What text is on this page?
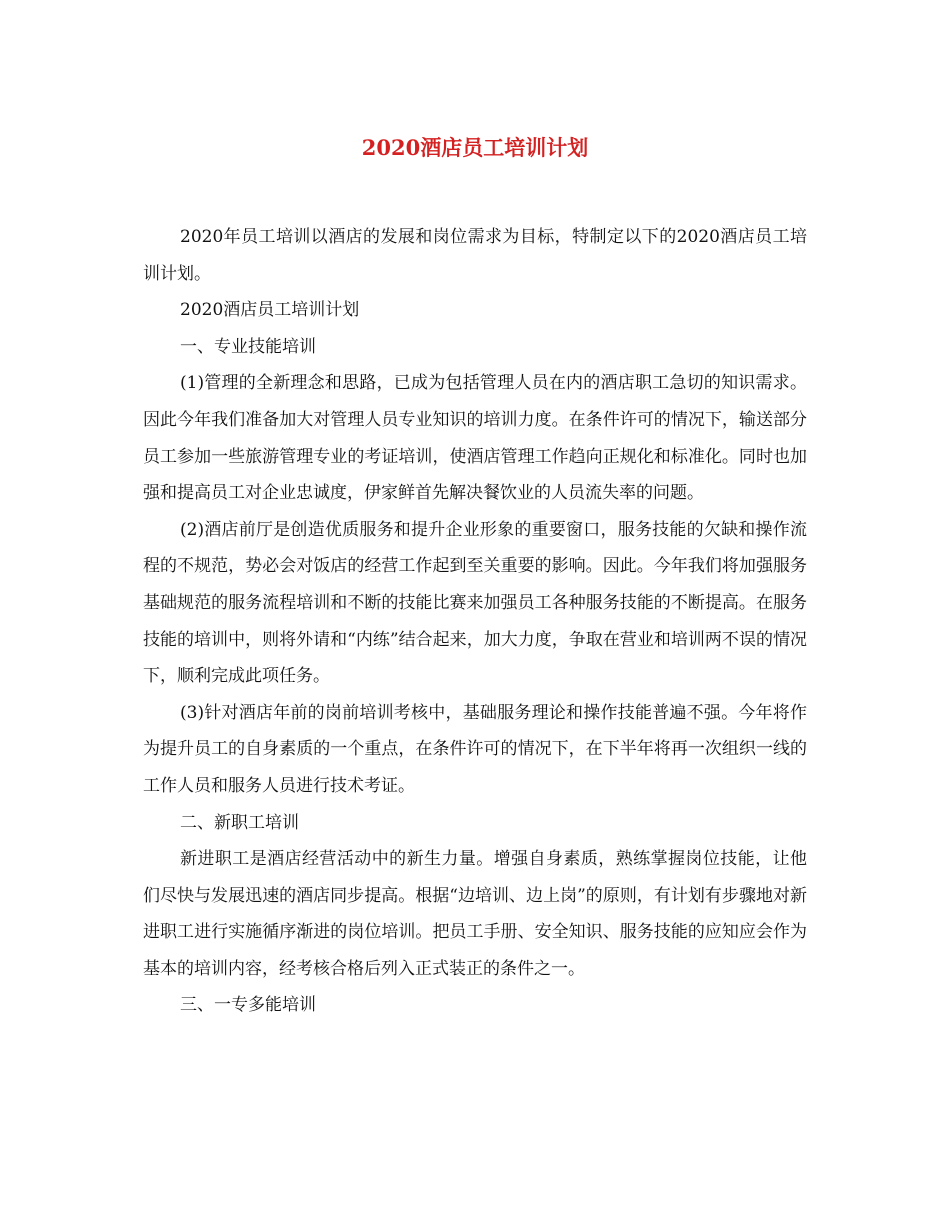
2020酒店员工培训计划

2020年员工培训以酒店的发展和岗位需求为目标，特制定以下的2020酒店员工培训计划。

2020酒店员工培训计划

一、专业技能培训

(1)管理的全新理念和思路，已成为包括管理人员在内的酒店职工急切的知识需求。因此今年我们准备加大对管理人员专业知识的培训力度。在条件许可的情况下，输送部分员工参加一些旅游管理专业的考证培训，使酒店管理工作趋向正规化和标准化。同时也加强和提高员工对企业忠诚度，伊家鲜首先解决餐饮业的人员流失率的问题。

(2)酒店前厅是创造优质服务和提升企业形象的重要窗口，服务技能的欠缺和操作流程的不规范，势必会对饭店的经营工作起到至关重要的影响。因此。今年我们将加强服务基础规范的服务流程培训和不断的技能比赛来加强员工各种服务技能的不断提高。在服务技能的培训中，则将外请和“内练”结合起来，加大力度，争取在营业和培训两不误的情况下，顺利完成此项任务。

(3)针对酒店年前的岗前培训考核中，基础服务理论和操作技能普遍不强。今年将作为提升员工的自身素质的一个重点，在条件许可的情况下，在下半年将再一次组织一线的工作人员和服务人员进行技术考证。

二、新职工培训

新进职工是酒店经营活动中的新生力量。增强自身素质，熟练掌握岗位技能，让他们尽快与发展迅速的酒店同步提高。根据“边培训、边上岗”的原则，有计划有步骤地对新进职工进行实施循序渐进的岗位培训。把员工手册、安全知识、服务技能的应知应会作为基本的培训内容，经考核合格后列入正式装正的条件之一。

三、一专多能培训
